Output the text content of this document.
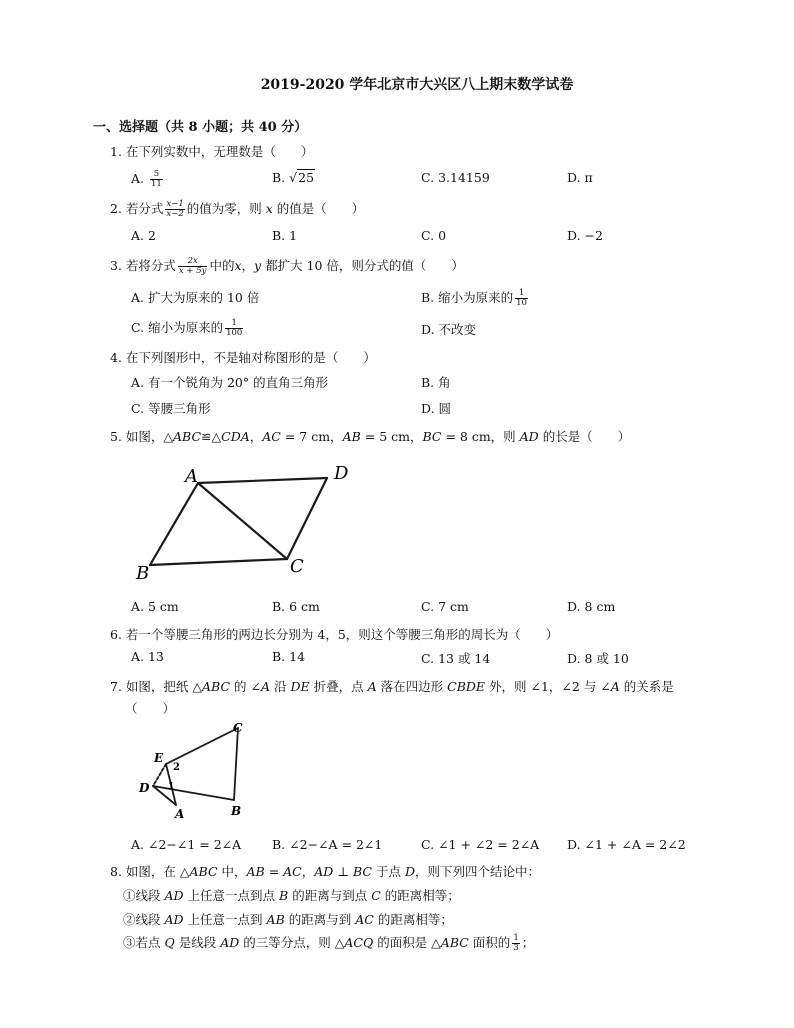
2019-2020 学年北京市大兴区八上期末数学试卷
一、选择题（共 8 小题；共 40 分）
1. 在下列实数中，无理数是（　　）
A. $\frac{5}{11}$	B. √25	C. 3.14159	D. π
2. 若分式 $\frac{x-1}{x-2}$ 的值为零，则 x 的值是（　　）
A. 2	B. 1	C. 0	D. −2
3. 若将分式 $\frac{2x}{x + 5y}$ 中的x，y 都扩大 10 倍，则分式的值（　　）
A. 扩大为原来的 10 倍	B. 缩小为原来的 $\frac{1}{10}$
C. 缩小为原来的 $\frac{1}{100}$	D. 不改变
4. 在下列图形中，不是轴对称图形的是（　　）
A. 有一个锐角为 20° 的直角三角形	B. 角
C. 等腰三角形	D. 圆
5. 如图，△ABC≌△CDA，AC = 7 cm，AB = 5 cm，BC = 8 cm，则 AD 的长是（　　）
A	D
B	C
A. 5 cm	B. 6 cm	C. 7 cm	D. 8 cm
6. 若一个等腰三角形的两边长分别为 4，5，则这个等腰三角形的周长为（　　）
A. 13	B. 14	C. 13 或 14	D. 8 或 10
7. 如图，把纸 △ABC 的 ∠A 沿 DE 折叠，点 A 落在四边形 CBDE 外，则 ∠1，∠2 与 ∠A 的关系是
（　　）
C
E
D
B
A
1
2
A. ∠2−∠1 = 2∠A B. ∠2−∠A = 2∠1	C. ∠1 + ∠2 = 2∠A D. ∠1 + ∠A = 2∠2
8. 如图，在 △ABC 中，AB = AC，AD ⊥ BC 于点 D，则下列四个结论中：
①线段 AD 上任意一点到点 B 的距离与到点 C 的距离相等；
②线段 AD 上任意一点到 AB 的距离与到 AC 的距离相等；
③若点 Q 是线段 AD 的三等分点，则 △ACQ 的面积是 △ABC 面积的 $\frac{1}{3}$ ；
